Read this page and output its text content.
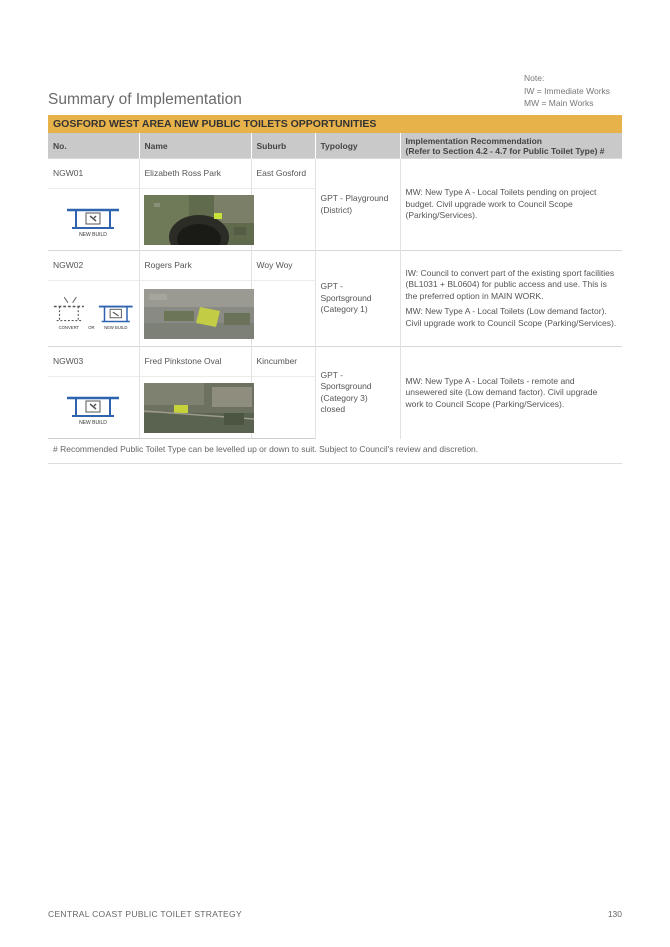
Note:
IW = Immediate Works
MW = Main Works
Summary of Implementation
GOSFORD WEST AREA NEW PUBLIC TOILETS OPPORTUNITIES				
No.	Name	Suburb	Typology	Implementation Recommendation
(Refer to Section 4.2 - 4.7 for Public Toilet Type) #

NGW01	Elizabeth Ross Park	East Gosford	GPT - Playground (District)	MW: New Type A - Local Toilets pending on project budget. Civil upgrade work to Council Scope (Parking/Services).

NEW BUILD

NGW02	Rogers Park	Woy Woy	GPT - Sportsground (Category 1)	IW: Council to convert part of the existing sport facilities (BL1031 + BL0604) for public access and use. This is the preferred option in MAIN WORK.

MW: New Type A - Local Toilets (Low demand factor). Civil upgrade work to Council Scope (Parking/Services).

CONVERT OR NEW BUILD

NGW03	Fred Pinkstone Oval	Kincumber	GPT - Sportsground (Category 3) closed	MW: New Type A - Local Toilets - remote and unsewered site (Low demand factor). Civil upgrade work to Council Scope (Parking/Services).

NEW BUILD

# Recommended Public Toilet Type can be levelled up or down to suit. Subject to Council's review and discretion.
CENTRAL COAST PUBLIC TOILET STRATEGY	130
